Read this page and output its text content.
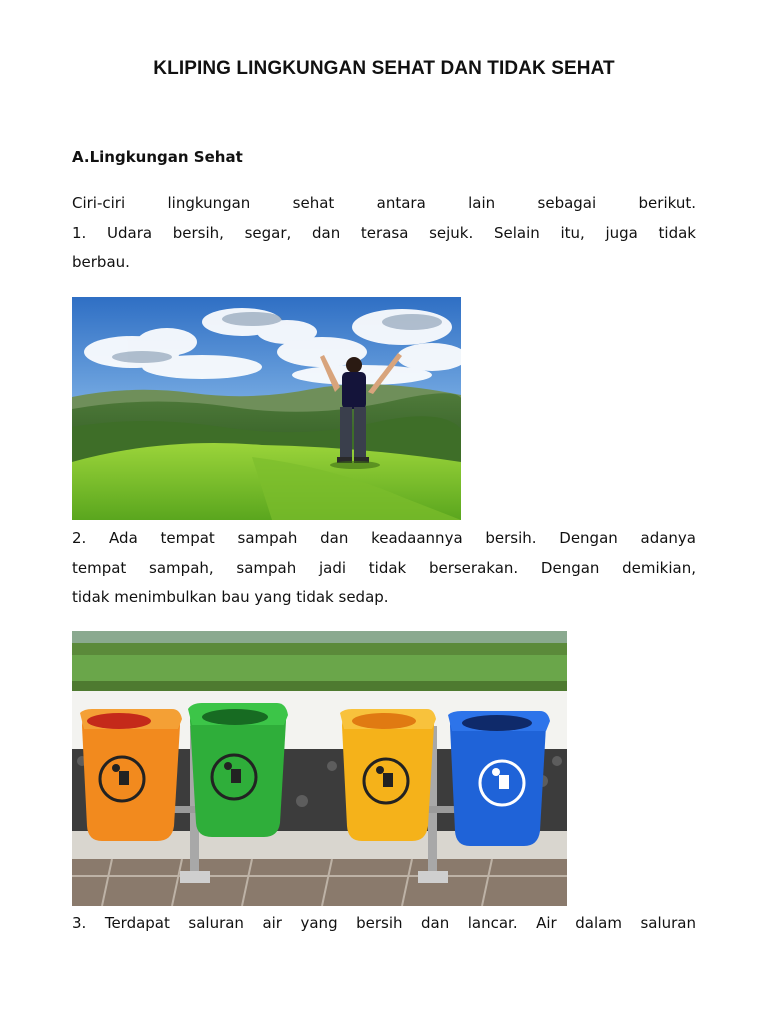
KLIPING LINGKUNGAN SEHAT DAN TIDAK SEHAT
A.Lingkungan Sehat
Ciri-ciri lingkungan sehat antara lain sebagai berikut.
1. Udara bersih, segar, dan terasa sejuk. Selain itu, juga tidak
berbau.
2. Ada tempat sampah dan keadaannya bersih. Dengan adanya
tempat sampah, sampah jadi tidak berserakan. Dengan demikian,
tidak menimbulkan bau yang tidak sedap.
3. Terdapat saluran air yang bersih dan lancar. Air dalam saluran
